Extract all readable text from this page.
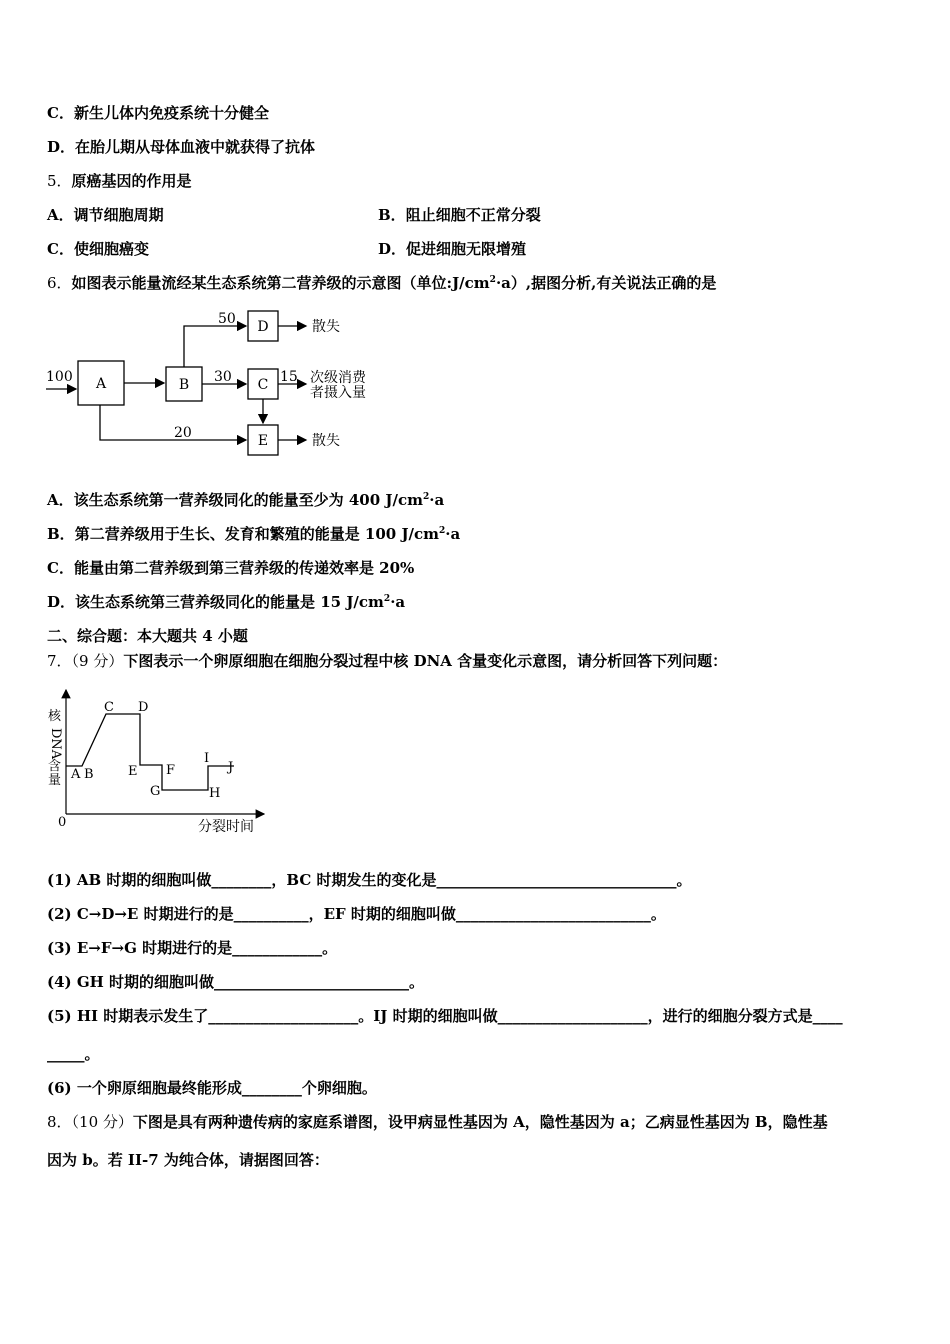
C．新生儿体内免疫系统十分健全
D．在胎儿期从母体血液中就获得了抗体
5．原癌基因的作用是
A．调节细胞周期	B．阻止细胞不正常分裂
C．使细胞癌变	D．促进细胞无限增殖
6．如图表示能量流经某生态系统第二营养级的示意图（单位$:J/cm^2\cdot a$）,据图分析,有关说法正确的是
A	B	C
D
E
100
50
30	15
20
散失
散失
次级消费
者摄入量
A．该生态系统第一营养级同化的能量至少为 400 $J/cm^2\cdot a$
B．第二营养级用于生长、发育和繁殖的能量是 100 $J/cm^2\cdot a$
C．能量由第二营养级到第三营养级的传递效率是 20%
D．该生态系统第三营养级同化的能量是 15 $J/cm^2\cdot a$
二、综合题：本大题共 4 小题
7．（9 分）下图表示一个卵原细胞在细胞分裂过程中核 DNA 含量变化示意图，请分析回答下列问题：
0
核
DNA
含
量 A B
C D
E F
G	H
I
J
分裂时间
(1) AB 时期的细胞叫做________，BC 时期发生的变化是________________________________。
(2) C→D→E 时期进行的是__________，EF 时期的细胞叫做__________________________。
(3) E→F→G 时期进行的是____________。
(4) GH 时期的细胞叫做__________________________。
(5) HI 时期表示发生了____________________。IJ 时期的细胞叫做____________________，进行的细胞分裂方式是____
_____。
(6) 一个卵原细胞最终能形成________个卵细胞。
8．（10 分）下图是具有两种遗传病的家庭系谱图，设甲病显性基因为 A，隐性基因为 a；乙病显性基因为 B，隐性基
因为 b。若 II-7 为纯合体，请据图回答：
